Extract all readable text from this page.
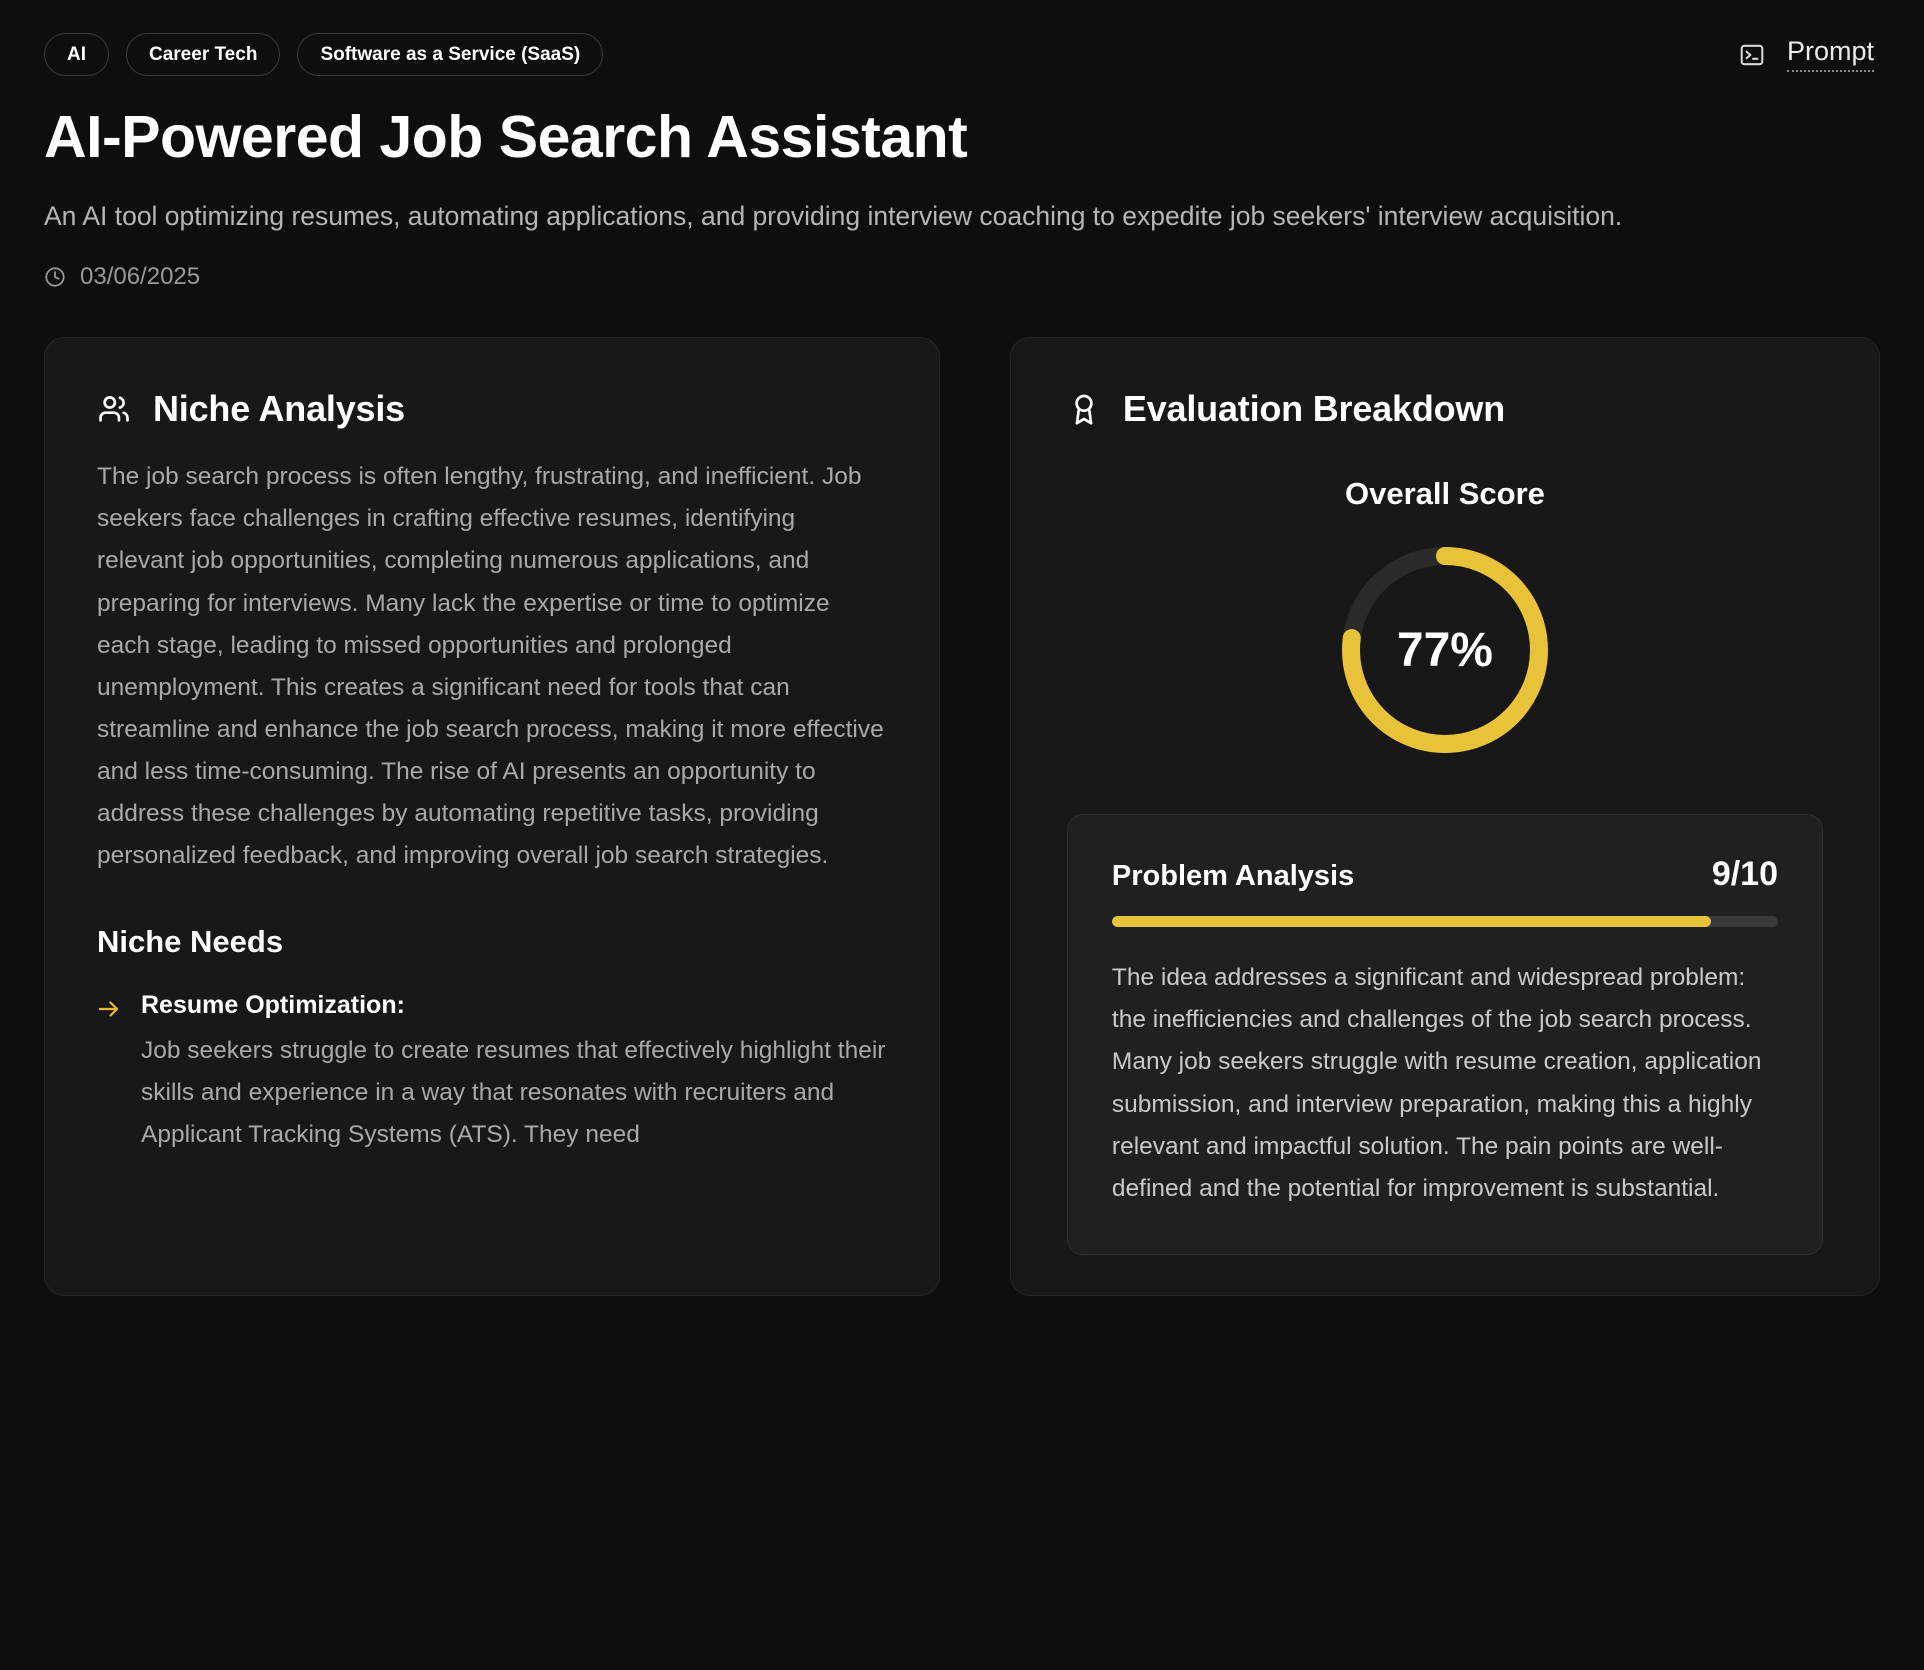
AI	Career Tech	Software as a Service (SaaS)	Prompt
AI-Powered Job Search Assistant

An AI tool optimizing resumes, automating applications, and providing interview coaching to expedite job seekers' interview acquisition.

03/06/2025
Niche Analysis

The job search process is often lengthy, frustrating, and inefficient. Job seekers face challenges in crafting effective resumes, identifying relevant job opportunities, completing numerous applications, and preparing for interviews. Many lack the expertise or time to optimize each stage, leading to missed opportunities and prolonged unemployment. This creates a significant need for tools that can streamline and enhance the job search process, making it more effective and less time-consuming. The rise of AI presents an opportunity to address these challenges by automating repetitive tasks, providing personalized feedback, and improving overall job search strategies.

Niche Needs
Resume Optimization:
Job seekers struggle to create resumes that effectively highlight their skills and experience in a way that resonates with recruiters and Applicant Tracking Systems (ATS). They need
Evaluation Breakdown
Overall Score
77%
Problem Analysis	9/10

The idea addresses a significant and widespread problem: the inefficiencies and challenges of the job search process. Many job seekers struggle with resume creation, application submission, and interview preparation, making this a highly relevant and impactful solution. The pain points are well-defined and the potential for improvement is substantial.
